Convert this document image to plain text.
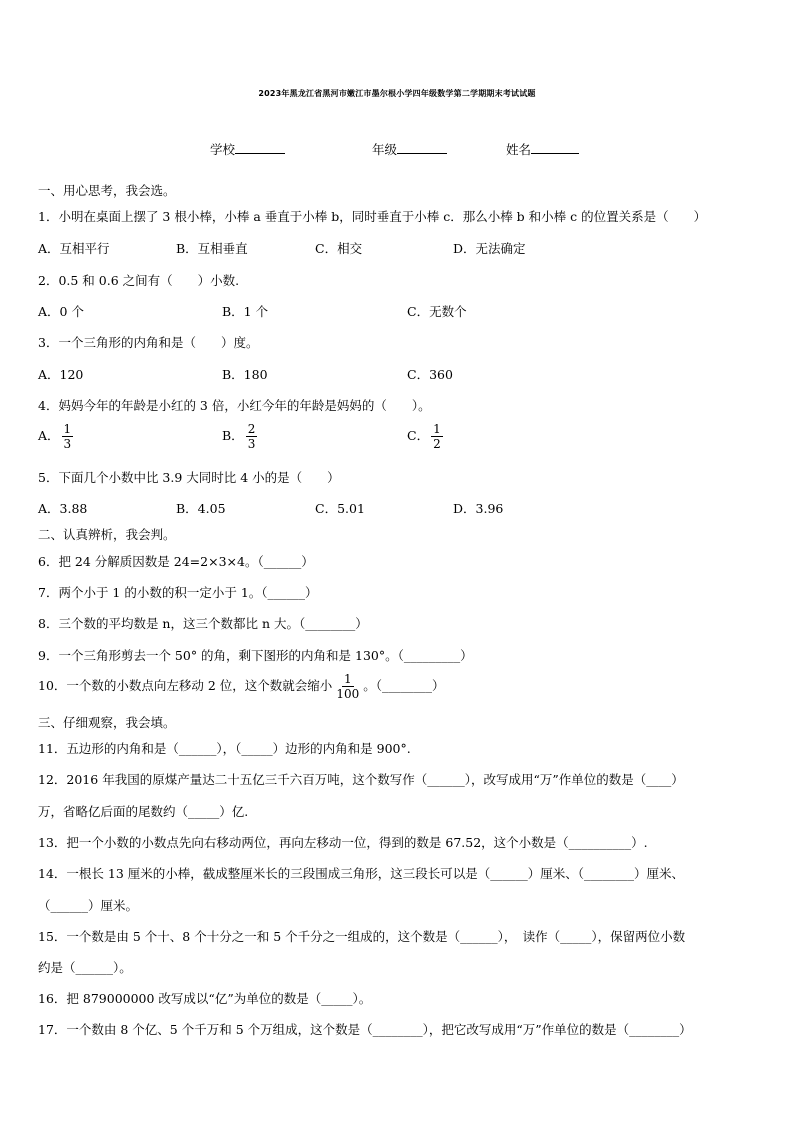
2023年黑龙江省黑河市嫩江市墨尔根小学四年级数学第二学期期末考试试题
学校	年级	姓名
一、用心思考，我会选。
1．小明在桌面上摆了 3 根小棒，小棒 a 垂直于小棒 b，同时垂直于小棒 c．那么小棒 b 和小棒 c 的位置关系是（　　）
A．互相平行	B．互相垂直	C．相交	D．无法确定
2．0.5 和 0.6 之间有（　　）小数.
A．0 个	B．1 个	C．无数个
3．一个三角形的内角和是（　　）度。
A．120	B．180	C．360
4．妈妈今年的年龄是小红的 3 倍，小红今年的年龄是妈妈的（　　）。
A． $\frac{1}{3}$	B． $\frac{2}{3}$	C． $\frac{1}{2}$
5．下面几个小数中比 3.9 大同时比 4 小的是（　　）
A．3.88	B．4.05	C．5.01	D．3.96
二、认真辨析，我会判。
6．把 24 分解质因数是 24=2×3×4。（______）
7．两个小于 1 的小数的积一定小于 1。（______）
8．三个数的平均数是 n，这三个数都比 n 大。（________）
9．一个三角形剪去一个 50° 的角，剩下图形的内角和是 130°。（_________）
10．一个数的小数点向左移动 2 位，这个数就会缩小 $\frac{1}{100}$ 。（________）
三、仔细观察，我会填。
11．五边形的内角和是（______），（_____）边形的内角和是 900°.
12．2016 年我国的原煤产量达二十五亿三千六百万吨，这个数写作（______），改写成用“万”作单位的数是（____）
万，省略亿后面的尾数约（_____）亿.
13．把一个小数的小数点先向右移动两位，再向左移动一位，得到的数是 67.52，这个小数是（__________）.
14．一根长 13 厘米的小棒，截成整厘米长的三段围成三角形，这三段长可以是（______）厘米、（________）厘米、
（______）厘米。
15．一个数是由 5 个十、8 个十分之一和 5 个千分之一组成的，这个数是（______），　读作（_____），保留两位小数
约是（______）。
16．把 879000000 改写成以“亿”为单位的数是（_____）。
17．一个数由 8 个亿、5 个千万和 5 个万组成，这个数是（________），把它改写成用“万”作单位的数是（________）
